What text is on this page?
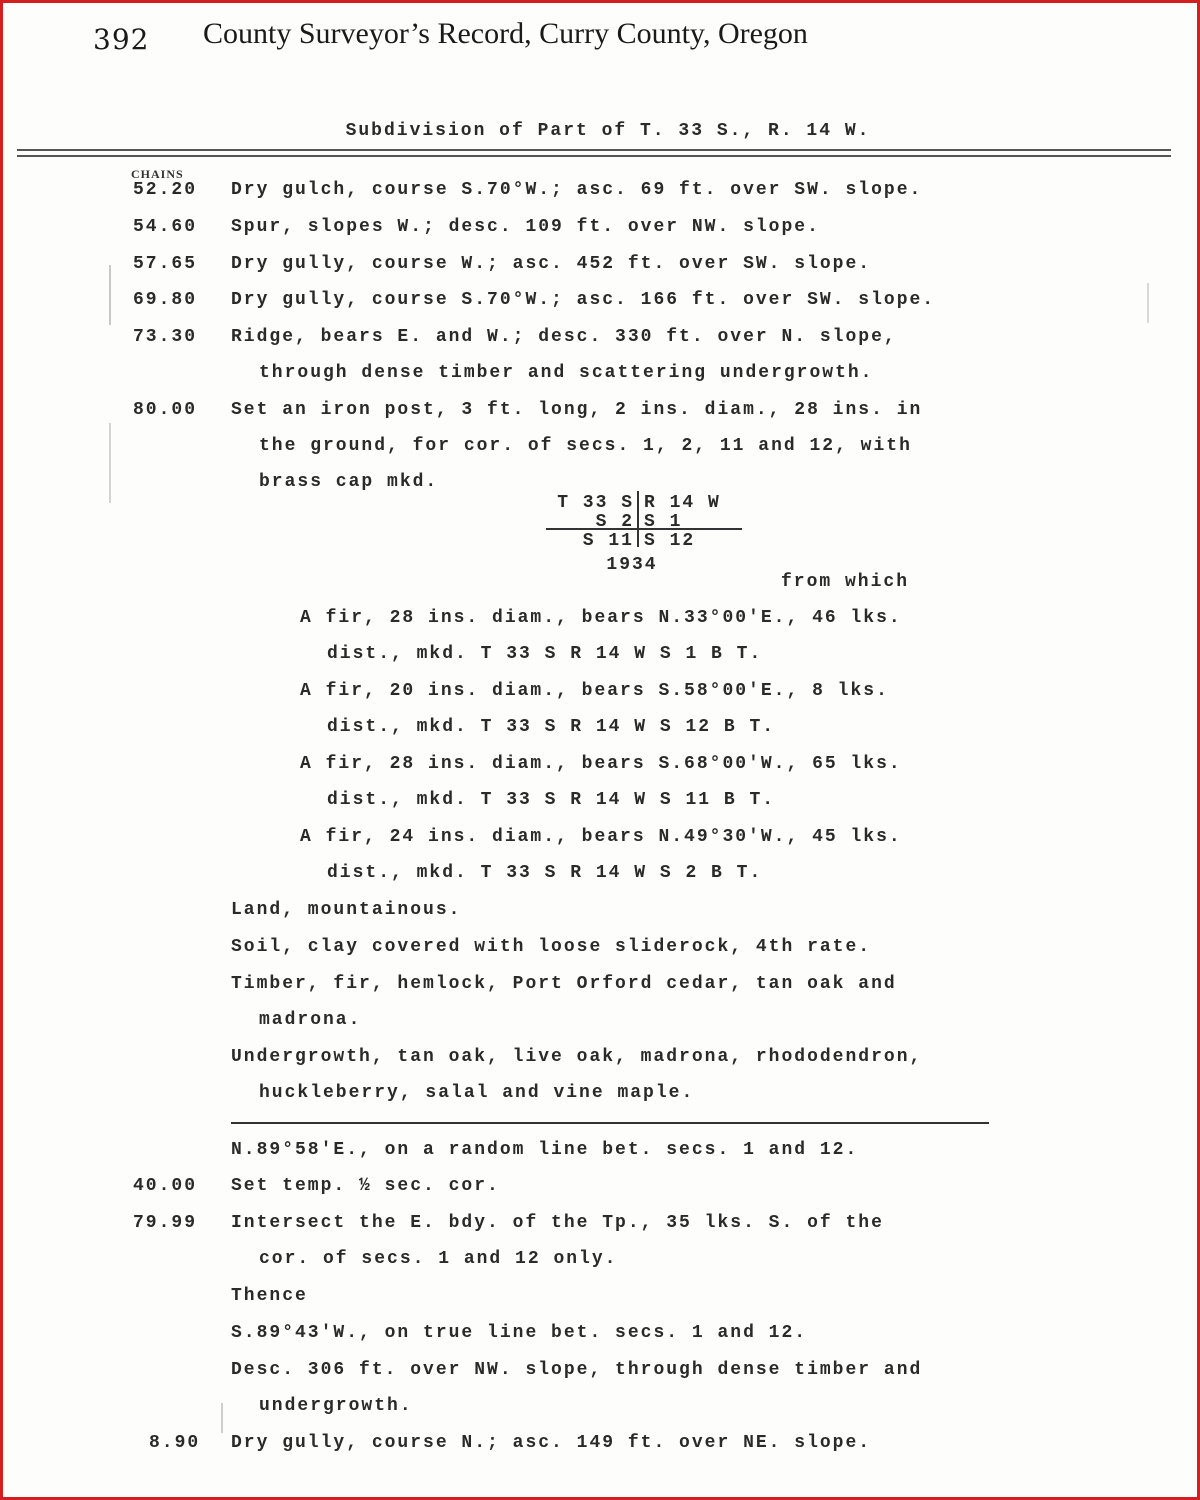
392 County Surveyor’s Record, Curry County, Oregon
Subdivision of Part of T. 33 S., R. 14 W.
CHAINS
52.20 Dry gulch, course S.70°W.; asc. 69 ft. over SW. slope.
54.60 Spur, slopes W.; desc. 109 ft. over NW. slope.
57.65 Dry gully, course W.; asc. 452 ft. over SW. slope.
69.80 Dry gully, course S.70°W.; asc. 166 ft. over SW. slope.
73.30 Ridge, bears E. and W.; desc. 330 ft. over N. slope,
through dense timber and scattering undergrowth.
80.00 Set an iron post, 3 ft. long, 2 ins. diam., 28 ins. in
the ground, for cor. of secs. 1, 2, 11 and 12, with
brass cap mkd.
T 33 S R 14 W
S 2 S 1
S 11 S 12
1934
from which
A fir, 28 ins. diam., bears N.33°00'E., 46 lks.
dist., mkd. T 33 S R 14 W S 1 B T.
A fir, 20 ins. diam., bears S.58°00'E., 8 lks.
dist., mkd. T 33 S R 14 W S 12 B T.
A fir, 28 ins. diam., bears S.68°00'W., 65 lks.
dist., mkd. T 33 S R 14 W S 11 B T.
A fir, 24 ins. diam., bears N.49°30'W., 45 lks.
dist., mkd. T 33 S R 14 W S 2 B T.
Land, mountainous.
Soil, clay covered with loose sliderock, 4th rate.
Timber, fir, hemlock, Port Orford cedar, tan oak and
madrona.
Undergrowth, tan oak, live oak, madrona, rhododendron,
huckleberry, salal and vine maple.
N.89°58'E., on a random line bet. secs. 1 and 12.
40.00 Set temp. ½ sec. cor.
79.99 Intersect the E. bdy. of the Tp., 35 lks. S. of the
cor. of secs. 1 and 12 only.
Thence
S.89°43'W., on true line bet. secs. 1 and 12.
Desc. 306 ft. over NW. slope, through dense timber and
undergrowth.
8.90 Dry gully, course N.; asc. 149 ft. over NE. slope.
